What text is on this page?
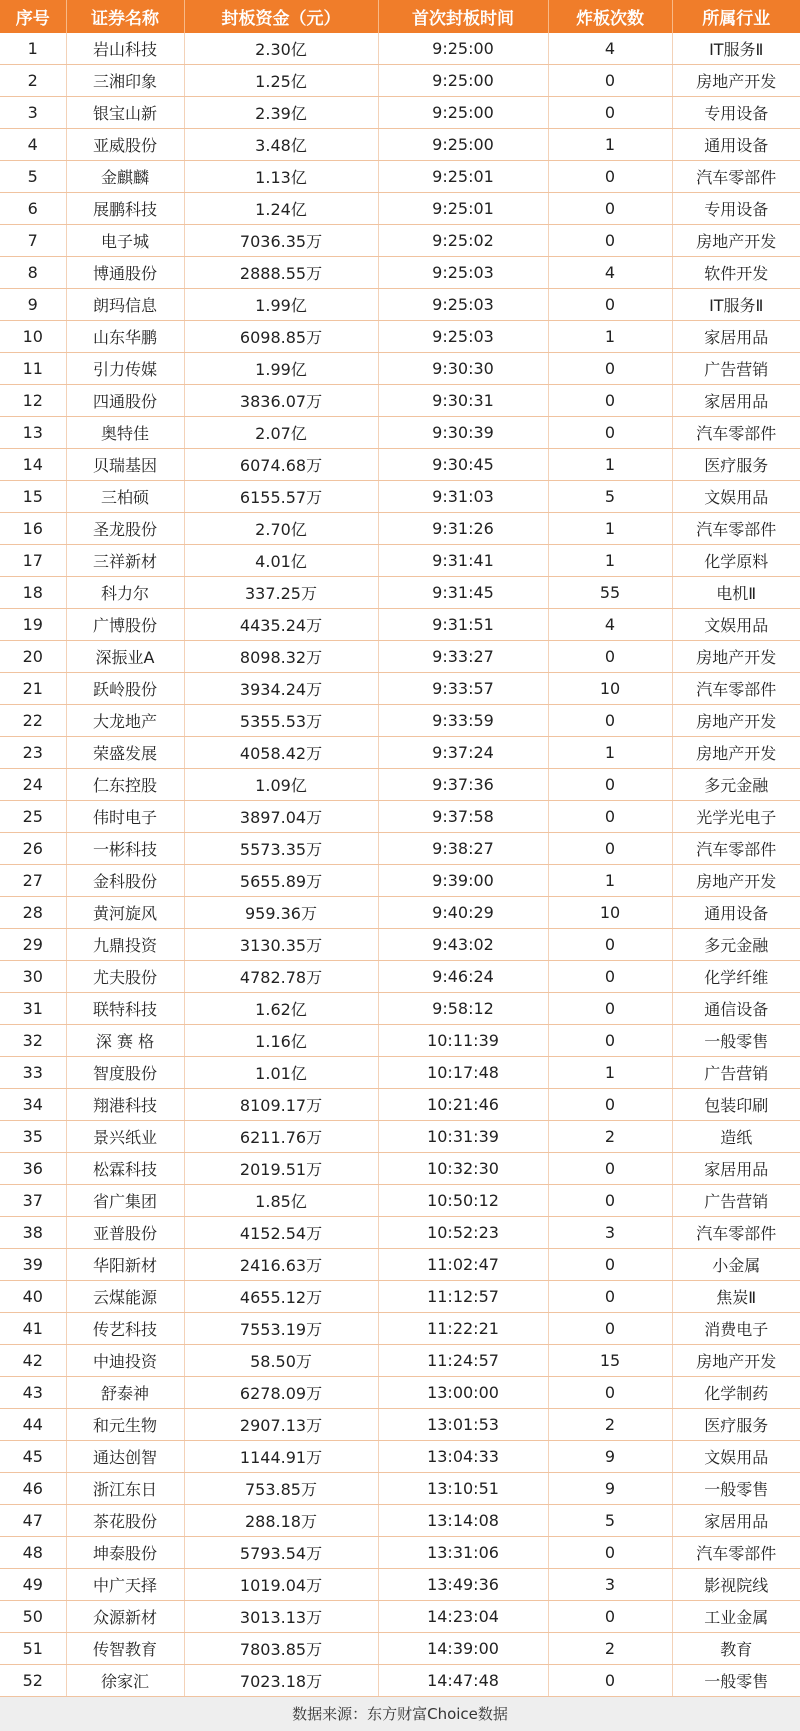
序号	证券名称	封板资金（元）	首次封板时间	炸板次数	所属行业
1	岩山科技	2.30亿	9:25:00	4	IT服务Ⅱ
2	三湘印象	1.25亿	9:25:00	0	房地产开发
3	银宝山新	2.39亿	9:25:00	0	专用设备
4	亚威股份	3.48亿	9:25:00	1	通用设备
5	金麒麟	1.13亿	9:25:01	0	汽车零部件
6	展鹏科技	1.24亿	9:25:01	0	专用设备
7	电子城	7036.35万	9:25:02	0	房地产开发
8	博通股份	2888.55万	9:25:03	4	软件开发
9	朗玛信息	1.99亿	9:25:03	0	IT服务Ⅱ
10	山东华鹏	6098.85万	9:25:03	1	家居用品
11	引力传媒	1.99亿	9:30:30	0	广告营销
12	四通股份	3836.07万	9:30:31	0	家居用品
13	奥特佳	2.07亿	9:30:39	0	汽车零部件
14	贝瑞基因	6074.68万	9:30:45	1	医疗服务
15	三柏硕	6155.57万	9:31:03	5	文娱用品
16	圣龙股份	2.70亿	9:31:26	1	汽车零部件
17	三祥新材	4.01亿	9:31:41	1	化学原料
18	科力尔	337.25万	9:31:45	55	电机Ⅱ
19	广博股份	4435.24万	9:31:51	4	文娱用品
20	深振业A	8098.32万	9:33:27	0	房地产开发
21	跃岭股份	3934.24万	9:33:57	10	汽车零部件
22	大龙地产	5355.53万	9:33:59	0	房地产开发
23	荣盛发展	4058.42万	9:37:24	1	房地产开发
24	仁东控股	1.09亿	9:37:36	0	多元金融
25	伟时电子	3897.04万	9:37:58	0	光学光电子
26	一彬科技	5573.35万	9:38:27	0	汽车零部件
27	金科股份	5655.89万	9:39:00	1	房地产开发
28	黄河旋风	959.36万	9:40:29	10	通用设备
29	九鼎投资	3130.35万	9:43:02	0	多元金融
30	尤夫股份	4782.78万	9:46:24	0	化学纤维
31	联特科技	1.62亿	9:58:12	0	通信设备
32	深 赛 格	1.16亿	10:11:39	0	一般零售
33	智度股份	1.01亿	10:17:48	1	广告营销
34	翔港科技	8109.17万	10:21:46	0	包装印刷
35	景兴纸业	6211.76万	10:31:39	2	造纸
36	松霖科技	2019.51万	10:32:30	0	家居用品
37	省广集团	1.85亿	10:50:12	0	广告营销
38	亚普股份	4152.54万	10:52:23	3	汽车零部件
39	华阳新材	2416.63万	11:02:47	0	小金属
40	云煤能源	4655.12万	11:12:57	0	焦炭Ⅱ
41	传艺科技	7553.19万	11:22:21	0	消费电子
42	中迪投资	58.50万	11:24:57	15	房地产开发
43	舒泰神	6278.09万	13:00:00	0	化学制药
44	和元生物	2907.13万	13:01:53	2	医疗服务
45	通达创智	1144.91万	13:04:33	9	文娱用品
46	浙江东日	753.85万	13:10:51	9	一般零售
47	茶花股份	288.18万	13:14:08	5	家居用品
48	坤泰股份	5793.54万	13:31:06	0	汽车零部件
49	中广天择	1019.04万	13:49:36	3	影视院线
50	众源新材	3013.13万	14:23:04	0	工业金属
51	传智教育	7803.85万	14:39:00	2	教育
52	徐家汇	7023.18万	14:47:48	0	一般零售
数据来源：东方财富Choice数据
